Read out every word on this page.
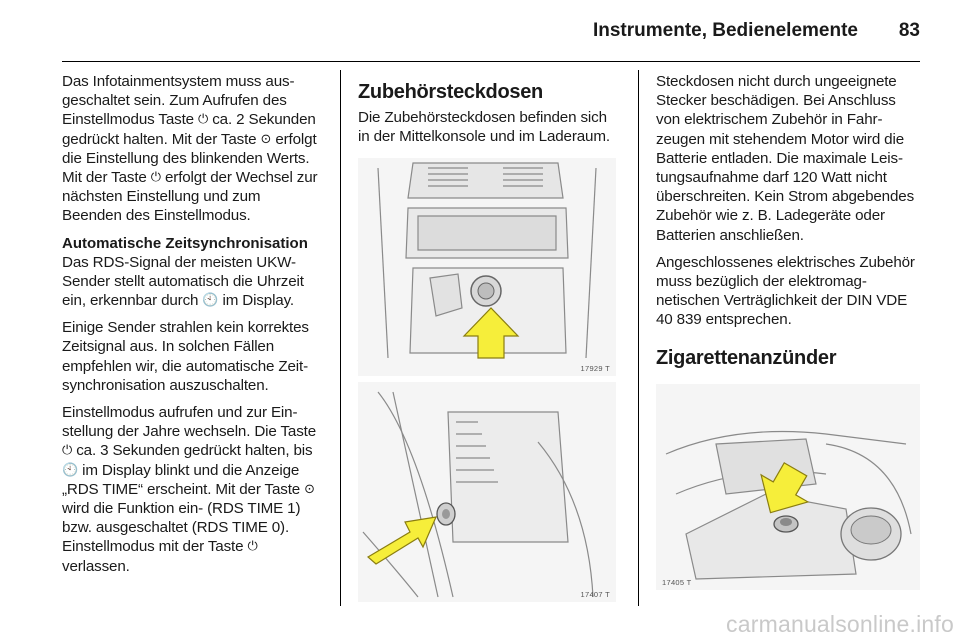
Instrumente, Bedienelemente 83

Das Infotainmentsystem muss ausgeschaltet sein. Zum Aufrufen des Einstellmodus Taste ⏻ ca. 2 Sekunden gedrückt halten. Mit der Taste ⊙ erfolgt die Einstellung des blinkenden Werts. Mit der Taste ⏻ erfolgt der Wechsel zur nächsten Einstellung und zum Beenden des Einstellmodus.

Automatische Zeitsynchronisation

Das RDS-Signal der meisten UKW-Sender stellt automatisch die Uhrzeit ein, erkennbar durch 🕙 im Display.

Einige Sender strahlen kein korrektes Zeitsignal aus. In solchen Fällen empfehlen wir, die automatische Zeitsynchronisation auszuschalten.

Einstellmodus aufrufen und zur Einstellung der Jahre wechseln. Die Taste ⏻ ca. 3 Sekunden gedrückt halten, bis 🕙 im Display blinkt und die Anzeige „RDS TIME“ erscheint. Mit der Taste ⊙ wird die Funktion ein- (RDS TIME 1) bzw. ausgeschaltet (RDS TIME 0). Einstellmodus mit der Taste ⏻ verlassen.

Zubehörsteckdosen

Die Zubehörsteckdosen befinden sich in der Mittelkonsole und im Laderaum.

17929 T
17407 T

Steckdosen nicht durch ungeeignete Stecker beschädigen. Bei Anschluss von elektrischem Zubehör in Fahrzeugen mit stehendem Motor wird die Batterie entladen. Die maximale Leistungsaufnahme darf 120 Watt nicht überschreiten. Kein Strom abgebendes Zubehör wie z. B. Ladegeräte oder Batterien anschließen.

Angeschlossenes elektrisches Zubehör muss bezüglich der elektromagnetischen Verträglichkeit der DIN VDE 40 839 entsprechen.

Zigarettenanzünder
17405 T
carmanualsonline.info
